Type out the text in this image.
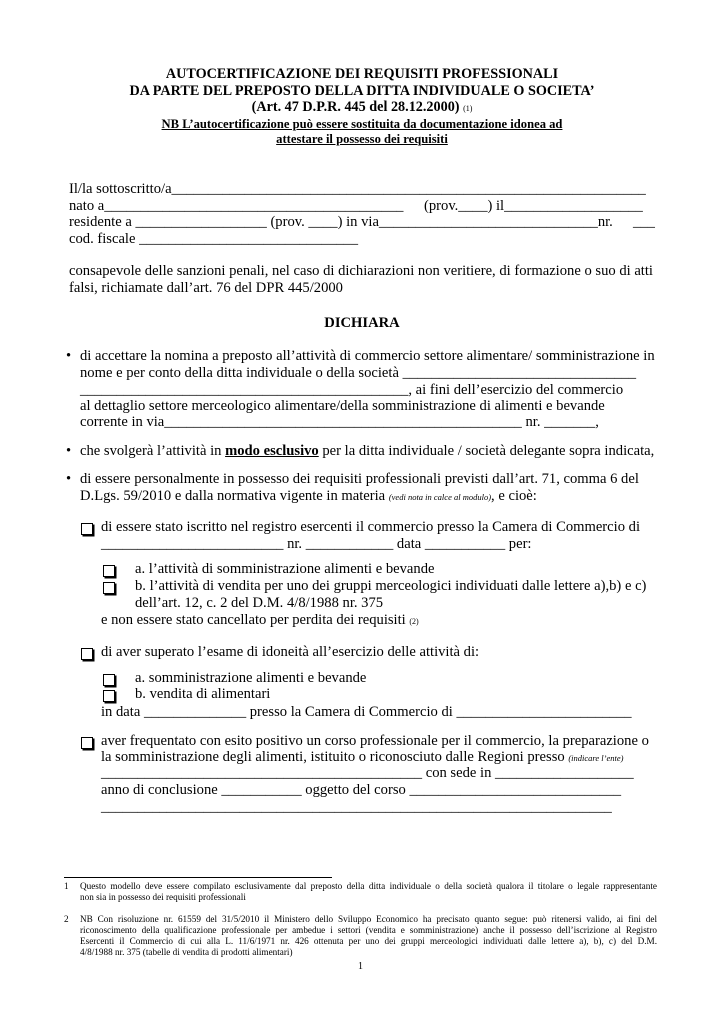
AUTOCERTIFICAZIONE DEI REQUISITI PROFESSIONALI
DA PARTE DEL PREPOSTO DELLA DITTA INDIVIDUALE O SOCIETA’
(Art. 47 D.P.R. 445 del 28.12.2000) (1)
NB L’autocertificazione può essere sostituita da documentazione idonea ad
attestare il possesso dei requisiti
Il/la sottoscritto/a_________________________________________________________________
nato a_________________________________________ (prov.____) il___________________
residente a __________________ (prov. ____) in via______________________________nr. ___
cod. fiscale ______________________________
consapevole delle sanzioni penali, nel caso di dichiarazioni non veritiere, di formazione o suo di atti
falsi, richiamate dall’art. 76 del DPR 445/2000
DICHIARA
• di accettare la nomina a preposto all’attività di commercio settore alimentare/ somministrazione in
nome e per conto della ditta individuale o della società ________________________________
_____________________________________________, ai fini dell’esercizio del commercio
al dettaglio settore merceologico alimentare/della somministrazione di alimenti e bevande
corrente in via_________________________________________________ nr. _______,
• che svolgerà l’attività in modo esclusivo per la ditta individuale / società delegante sopra indicata,
• di essere personalmente in possesso dei requisiti professionali previsti dall’art. 71, comma 6 del
D.Lgs. 59/2010 e dalla normativa vigente in materia (vedi nota in calce al modulo), e cioè:
di essere stato iscritto nel registro esercenti il commercio presso la Camera di Commercio di
_________________________ nr. ____________ data ___________ per:
a. l’attività di somministrazione alimenti e bevande
b. l’attività di vendita per uno dei gruppi merceologici individuati dalle lettere a),b) e c)
dell’art. 12, c. 2 del D.M. 4/8/1988 nr. 375
e non essere stato cancellato per perdita dei requisiti (2)
di aver superato l’esame di idoneità all’esercizio delle attività di:
a. somministrazione alimenti e bevande
b. vendita di alimentari
in data ______________ presso la Camera di Commercio di ________________________
aver frequentato con esito positivo un corso professionale per il commercio, la preparazione o
la somministrazione degli alimenti, istituito o riconosciuto dalle Regioni presso (indicare l’ente)
____________________________________________ con sede in ___________________
anno di conclusione ___________ oggetto del corso _____________________________
______________________________________________________________________
1 Questo modello deve essere compilato esclusivamente dal preposto della ditta individuale o della società qualora il titolare o legale rappresentante
non sia in possesso dei requisiti professionali
2 NB Con risoluzione nr. 61559 del 31/5/2010 il Ministero dello Sviluppo Economico ha precisato quanto segue: può ritenersi valido, ai fini del
riconoscimento della qualificazione professionale per ambedue i settori (vendita e somministrazione) anche il possesso dell’iscrizione al Registro
Esercenti il Commercio di cui alla L. 11/6/1971 nr. 426 ottenuta per uno dei gruppi merceologici individuati dalle lettere a), b), c) del D.M.
4/8/1988 nr. 375 (tabelle di vendita di prodotti alimentari)
1
